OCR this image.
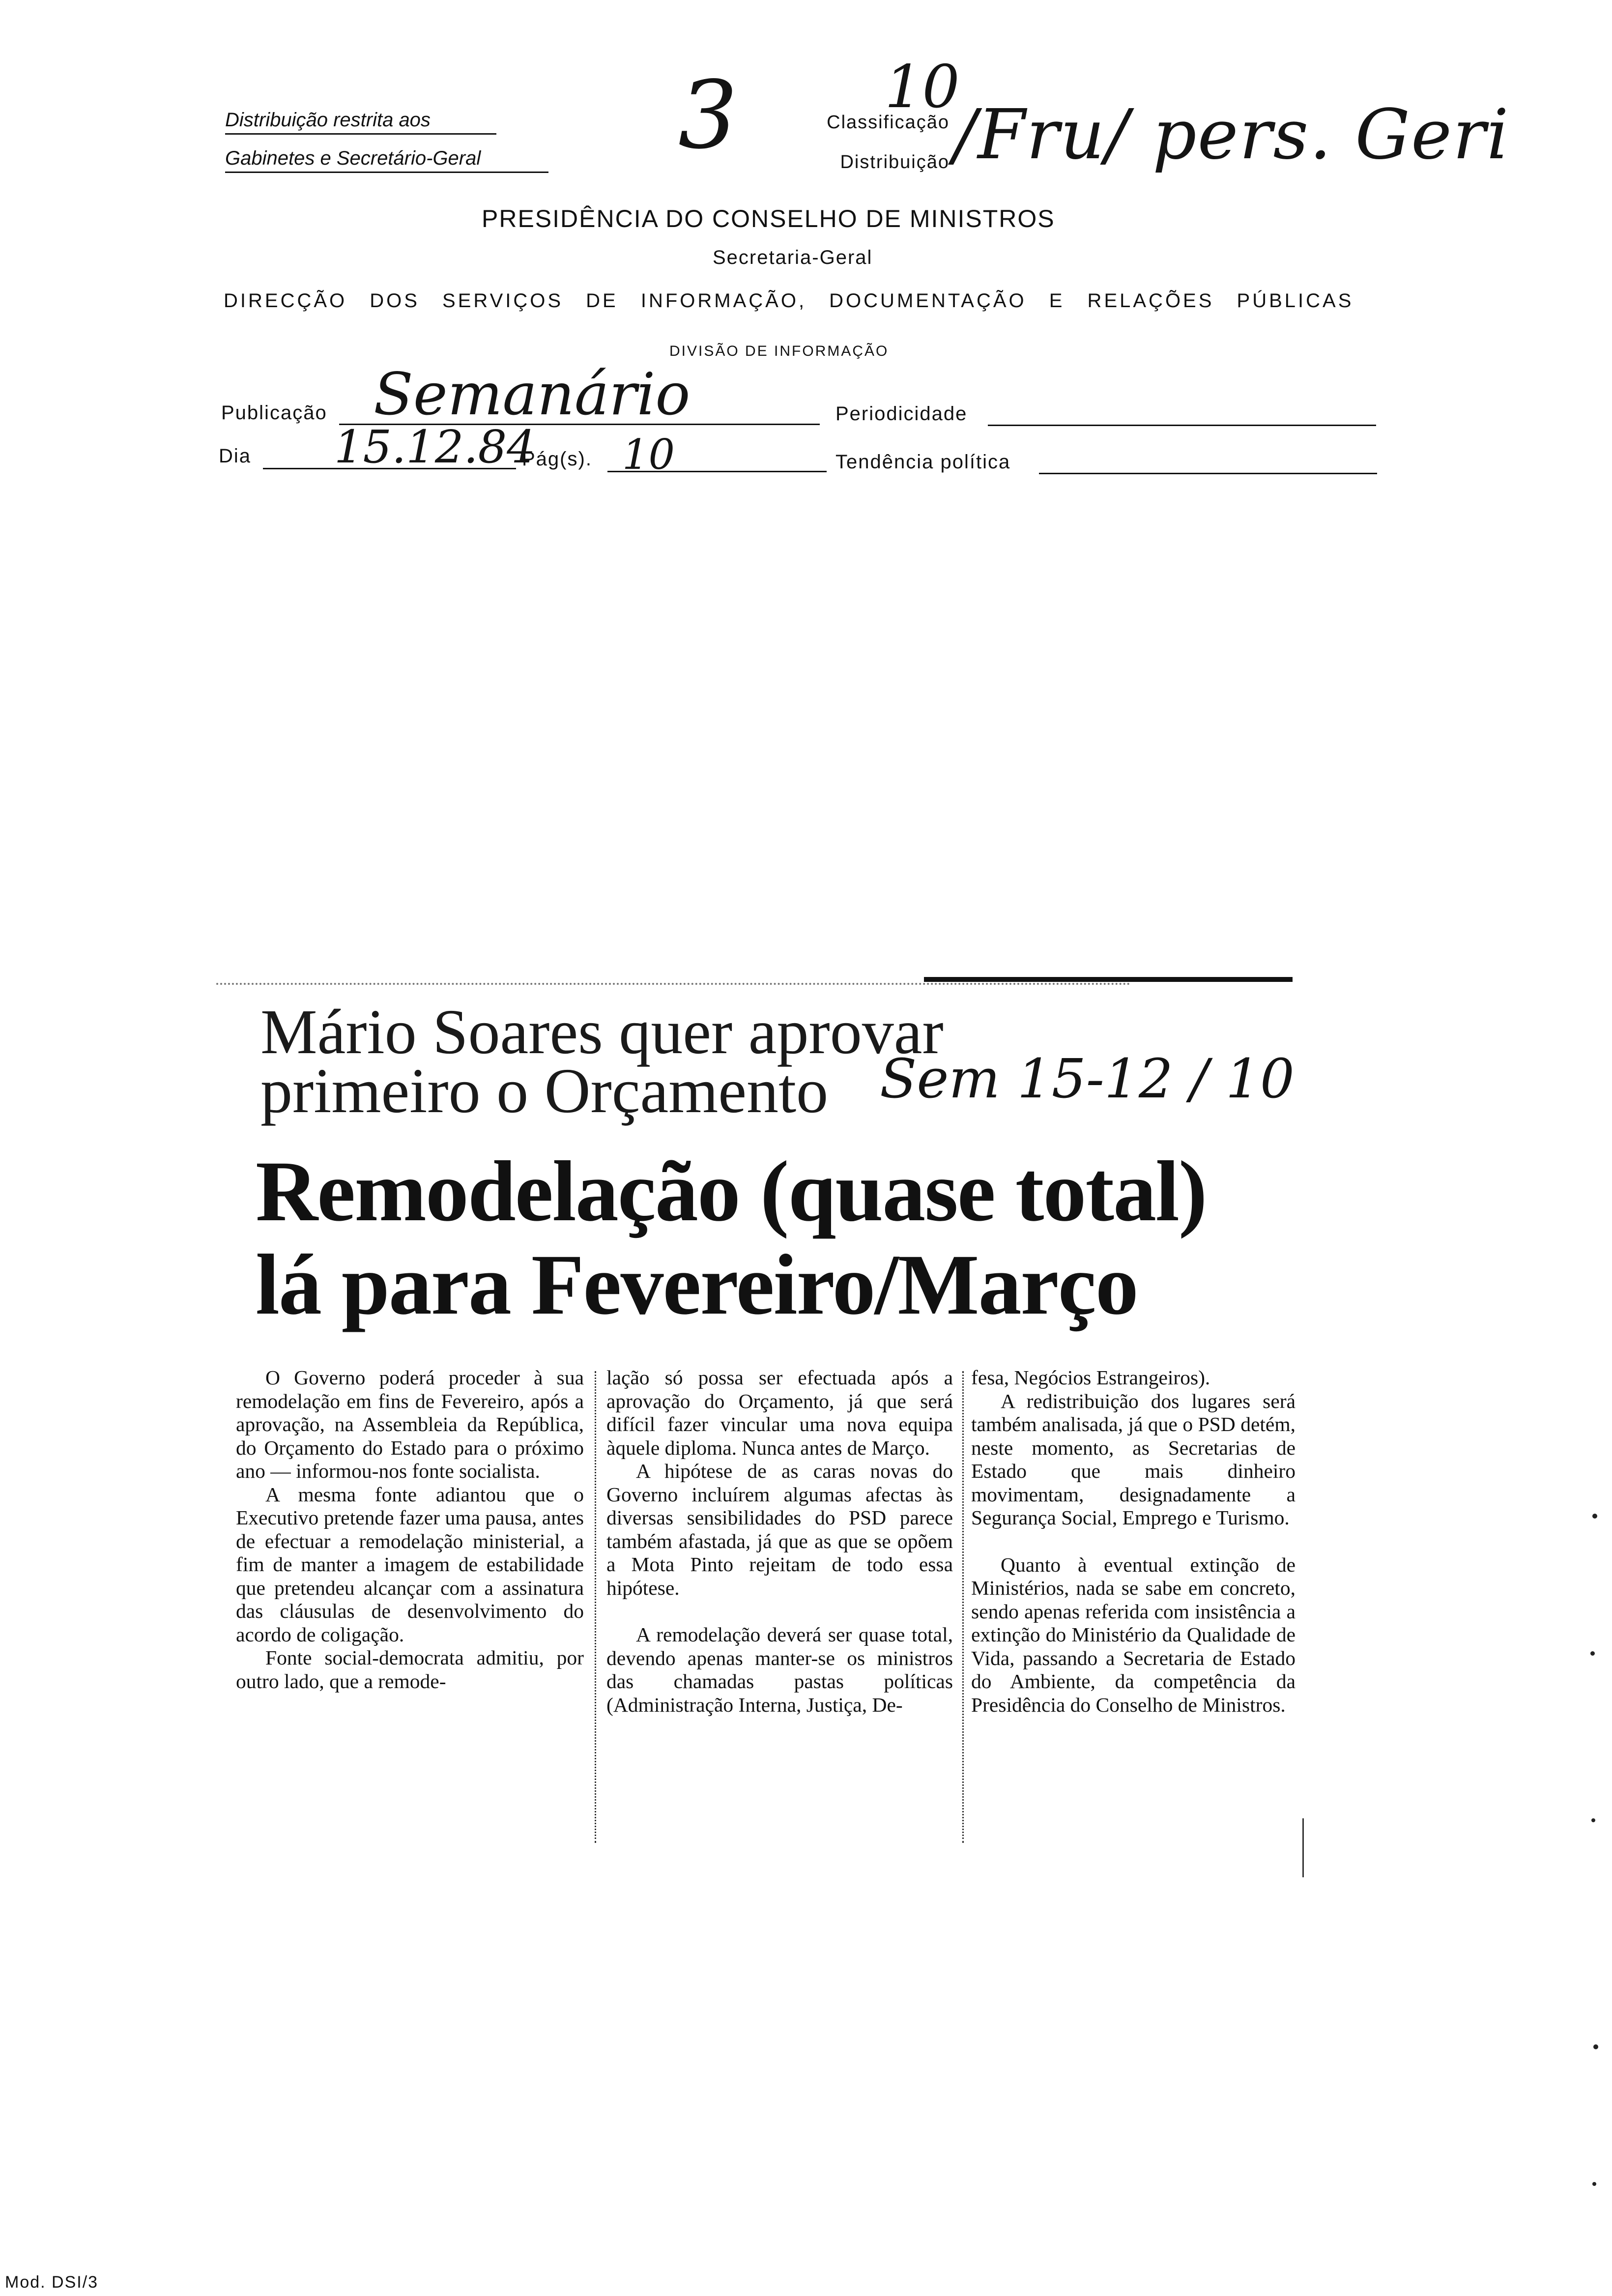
Distribuição restrita aos
Gabinetes e Secretário-Geral	3	Classificação
Distribuição
10
/Fru/ pers. Geri
PRESIDÊNCIA DO CONSELHO DE MINISTROS
Secretaria-Geral
DIRECÇÃO DOS SERVIÇOS DE INFORMAÇÃO, DOCUMENTAÇÃO E RELAÇÕES PÚBLICAS
DIVISÃO DE INFORMAÇÃO
Publicação Semanário	Periodicidade
Dia 15.12.84
Pág(s). 10	Tendência política
Mário Soares quer aprovar
primeiro o Orçamento Sem 15-12 / 10
Remodelação (quase total)
lá para Fevereiro/Março

O Governo poderá proceder à sua remodelação em fins de Fevereiro, após a aprovação, na Assembleia da República, do Orçamento do Estado para o próximo ano — informou-nos fonte socialista.

A mesma fonte adiantou que o Executivo pretende fazer uma pausa, antes de efectuar a remodelação ministerial, a fim de manter a imagem de estabilidade que pretendeu alcançar com a assinatura das cláusulas de desenvolvimento do acordo de coligação.

Fonte social-democrata admitiu, por outro lado, que a remode-

lação só possa ser efectuada após a aprovação do Orçamento, já que será difícil fazer vincular uma nova equipa àquele diploma. Nunca antes de Março.

A hipótese de as caras novas do Governo incluírem algumas afectas às diversas sensibilidades do PSD parece também afastada, já que as que se opõem a Mota Pinto rejeitam de todo essa hipótese.

A remodelação deverá ser quase total, devendo apenas manter-se os ministros das chamadas pastas políticas (Administração Interna, Justiça, De-

fesa, Negócios Estrangeiros).

A redistribuição dos lugares será também analisada, já que o PSD detém, neste momento, as Secretarias de Estado que mais dinheiro movimentam, designadamente a Segurança Social, Emprego e Turismo.

Quanto à eventual extinção de Ministérios, nada se sabe em concreto, sendo apenas referida com insistência a extinção do Ministério da Qualidade de Vida, passando a Secretaria de Estado do Ambiente, da competência da Presidência do Conselho de Ministros.

Mod. DSI/3
